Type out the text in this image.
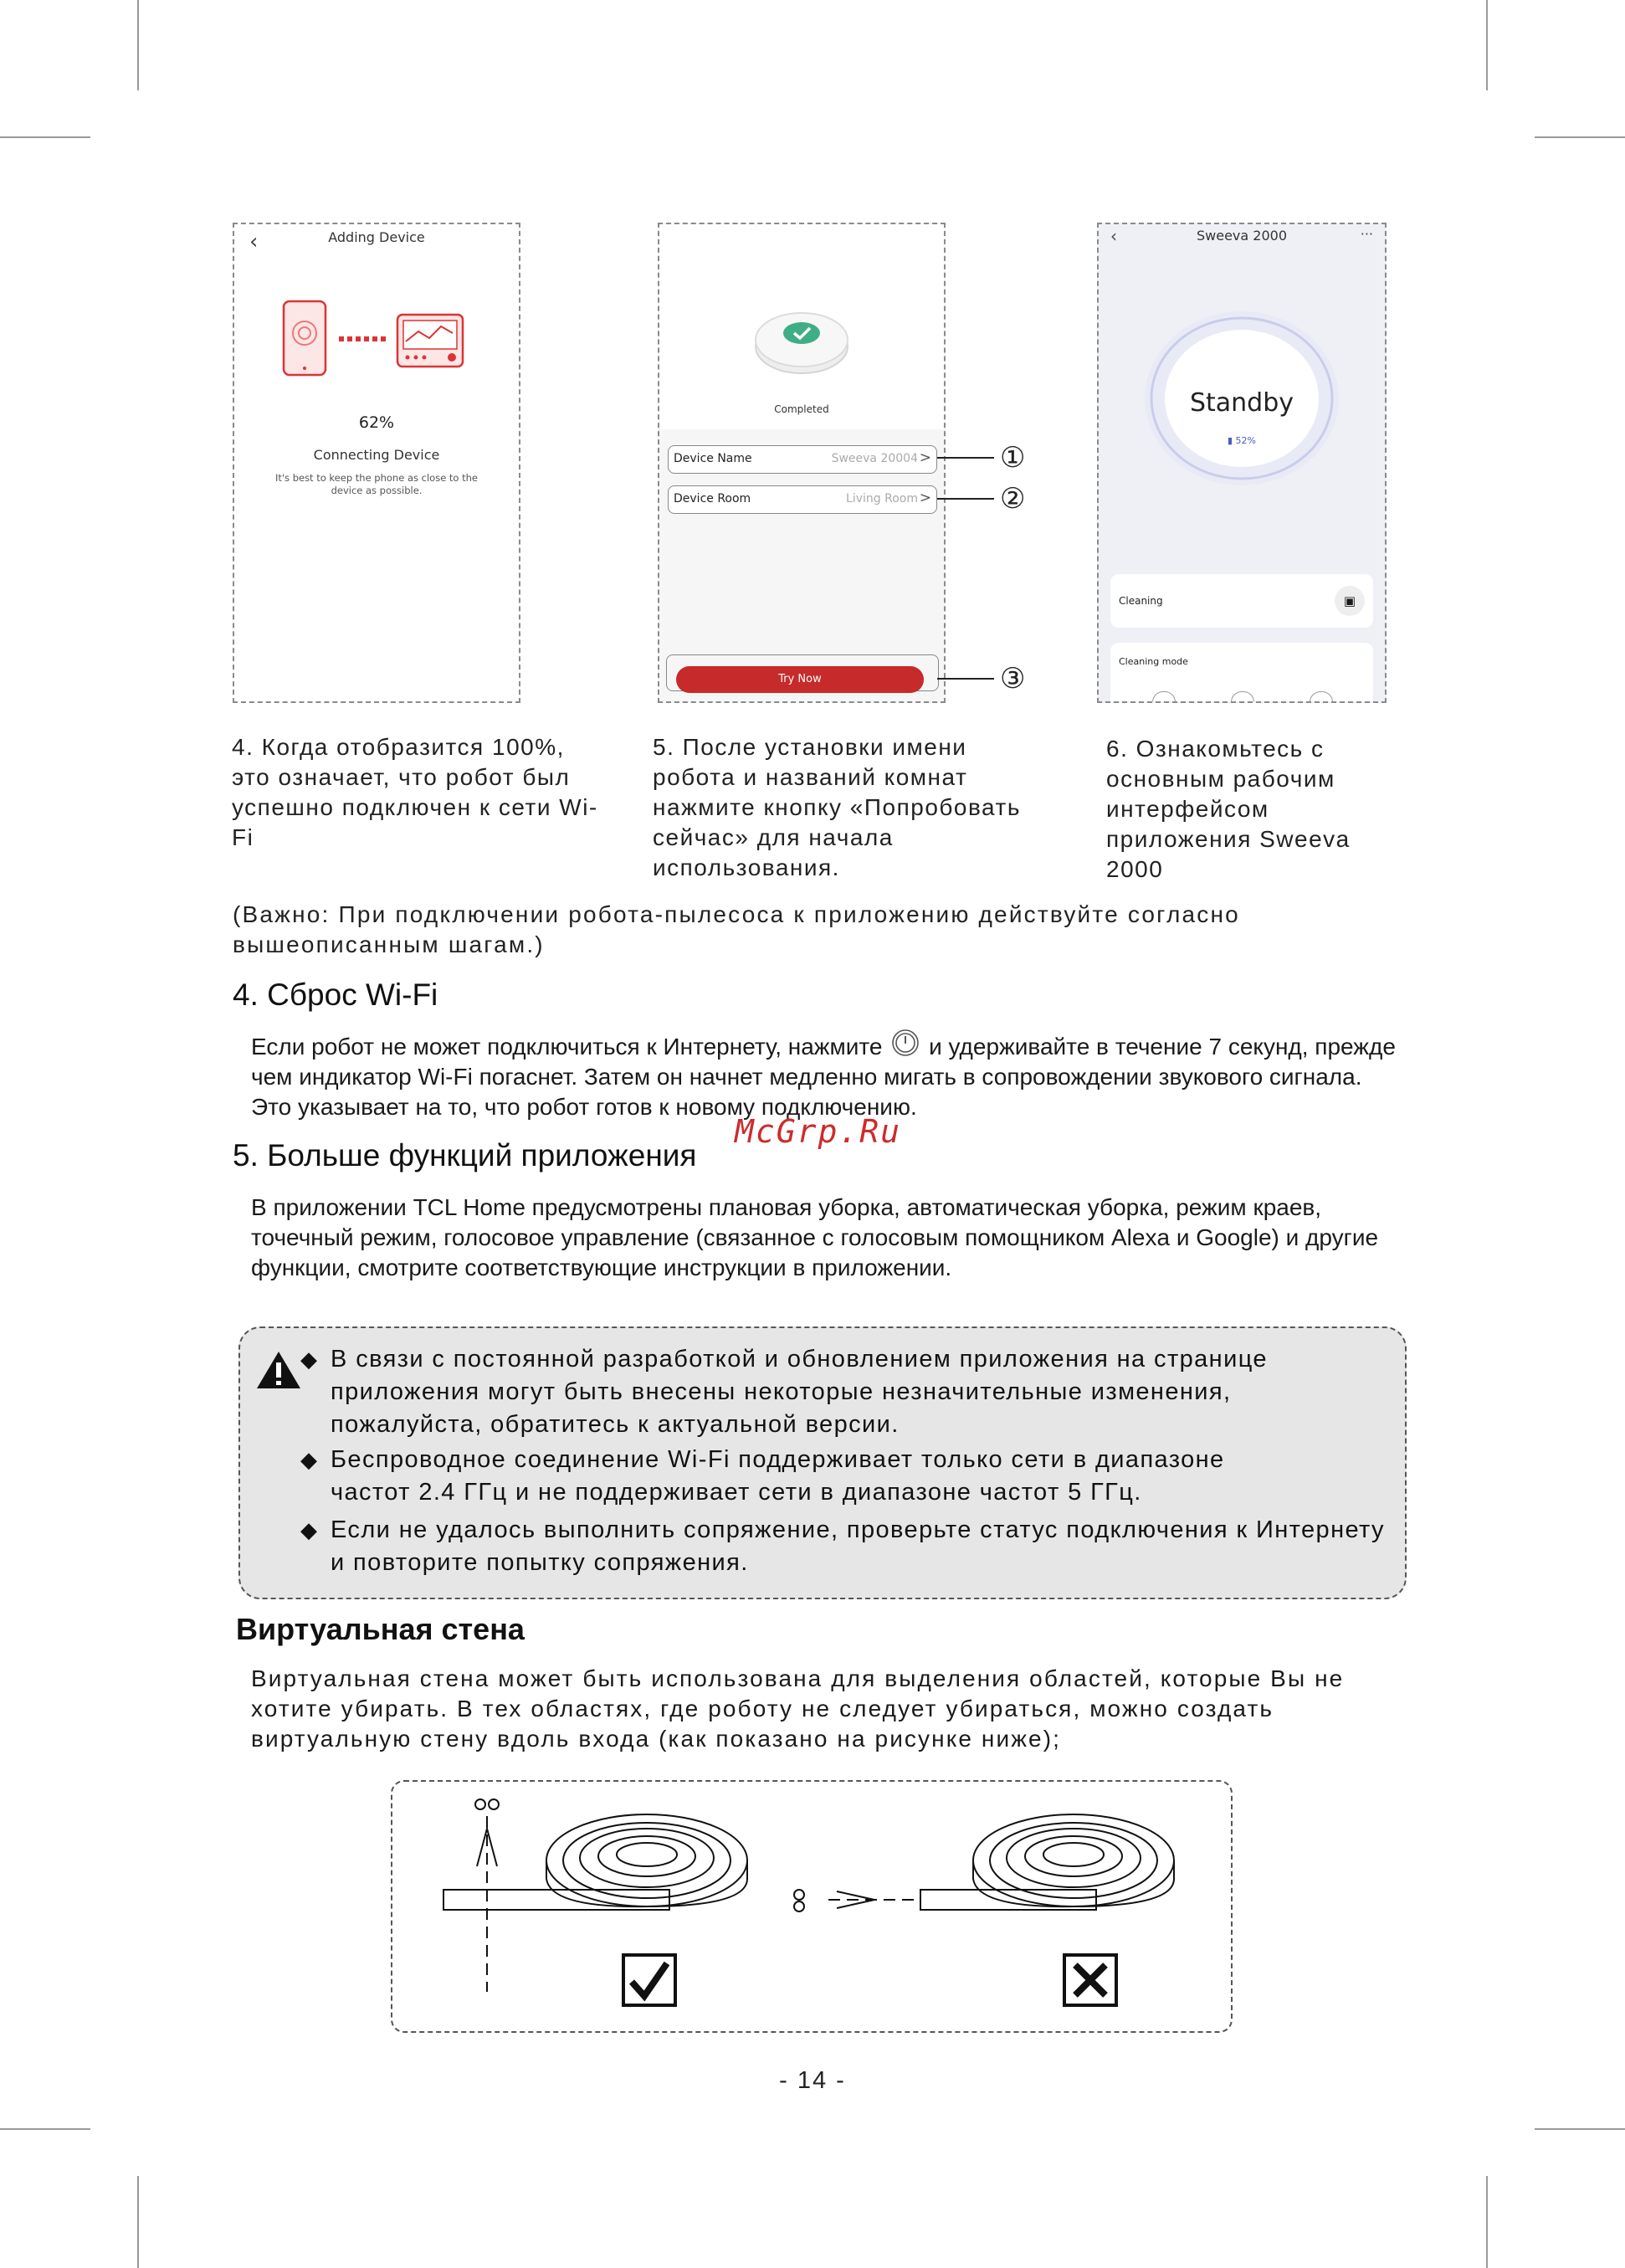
‹	Adding Device
62%
Connecting Device
It's best to keep the phone as close to the device as possible.
Completed
Device Name	Sweeva 20004 >
Device Room	Living Room >
Try Now
①
②
③
‹	Sweeva 2000	···
Standby
▮ 52%
Cleaning	▣
Cleaning mode
4. Когда отобразится 100%, это означает, что робот был успешно подключен к сети Wi-Fi
5. После установки имени робота и названий комнат нажмите кнопку «Попробовать сейчас» для начала использования.
6. Ознакомьтесь с основным рабочим интерфейсом приложения Sweeva 2000
(Важно: При подключении робота-пылесоса к приложению действуйте согласно вышеописанным шагам.)
4. Сброс Wi-Fi
Если робот не может подключиться к Интернету, нажмите и удерживайте в течение 7 секунд, прежде чем индикатор Wi-Fi погаснет. Затем он начнет медленно мигать в сопровождении звукового сигнала. Это указывает на то, что робот готов к новому подключению.
McGrp.Ru
5. Больше функций приложения
В приложении TCL Home предусмотрены плановая уборка, автоматическая уборка, режим краев, точечный режим, голосовое управление (связанное с голосовым помощником Alexa и Google) и другие функции, смотрите соответствующие инструкции в приложении.
◆ В связи с постоянной разработкой и обновлением приложения на странице приложения могут быть внесены некоторые незначительные изменения, пожалуйста, обратитесь к актуальной версии.
◆ Беспроводное соединение Wi-Fi поддерживает только сети в диапазоне частот 2.4 ГГц и не поддерживает сети в диапазоне частот 5 ГГц.
◆ Если не удалось выполнить сопряжение, проверьте статус подключения к Интернету и повторите попытку сопряжения.
Виртуальная стена
Виртуальная стена может быть использована для выделения областей, которые Вы не хотите убирать. В тех областях, где роботу не следует убираться, можно создать виртуальную стену вдоль входа (как показано на рисунке ниже);
- 14 -
